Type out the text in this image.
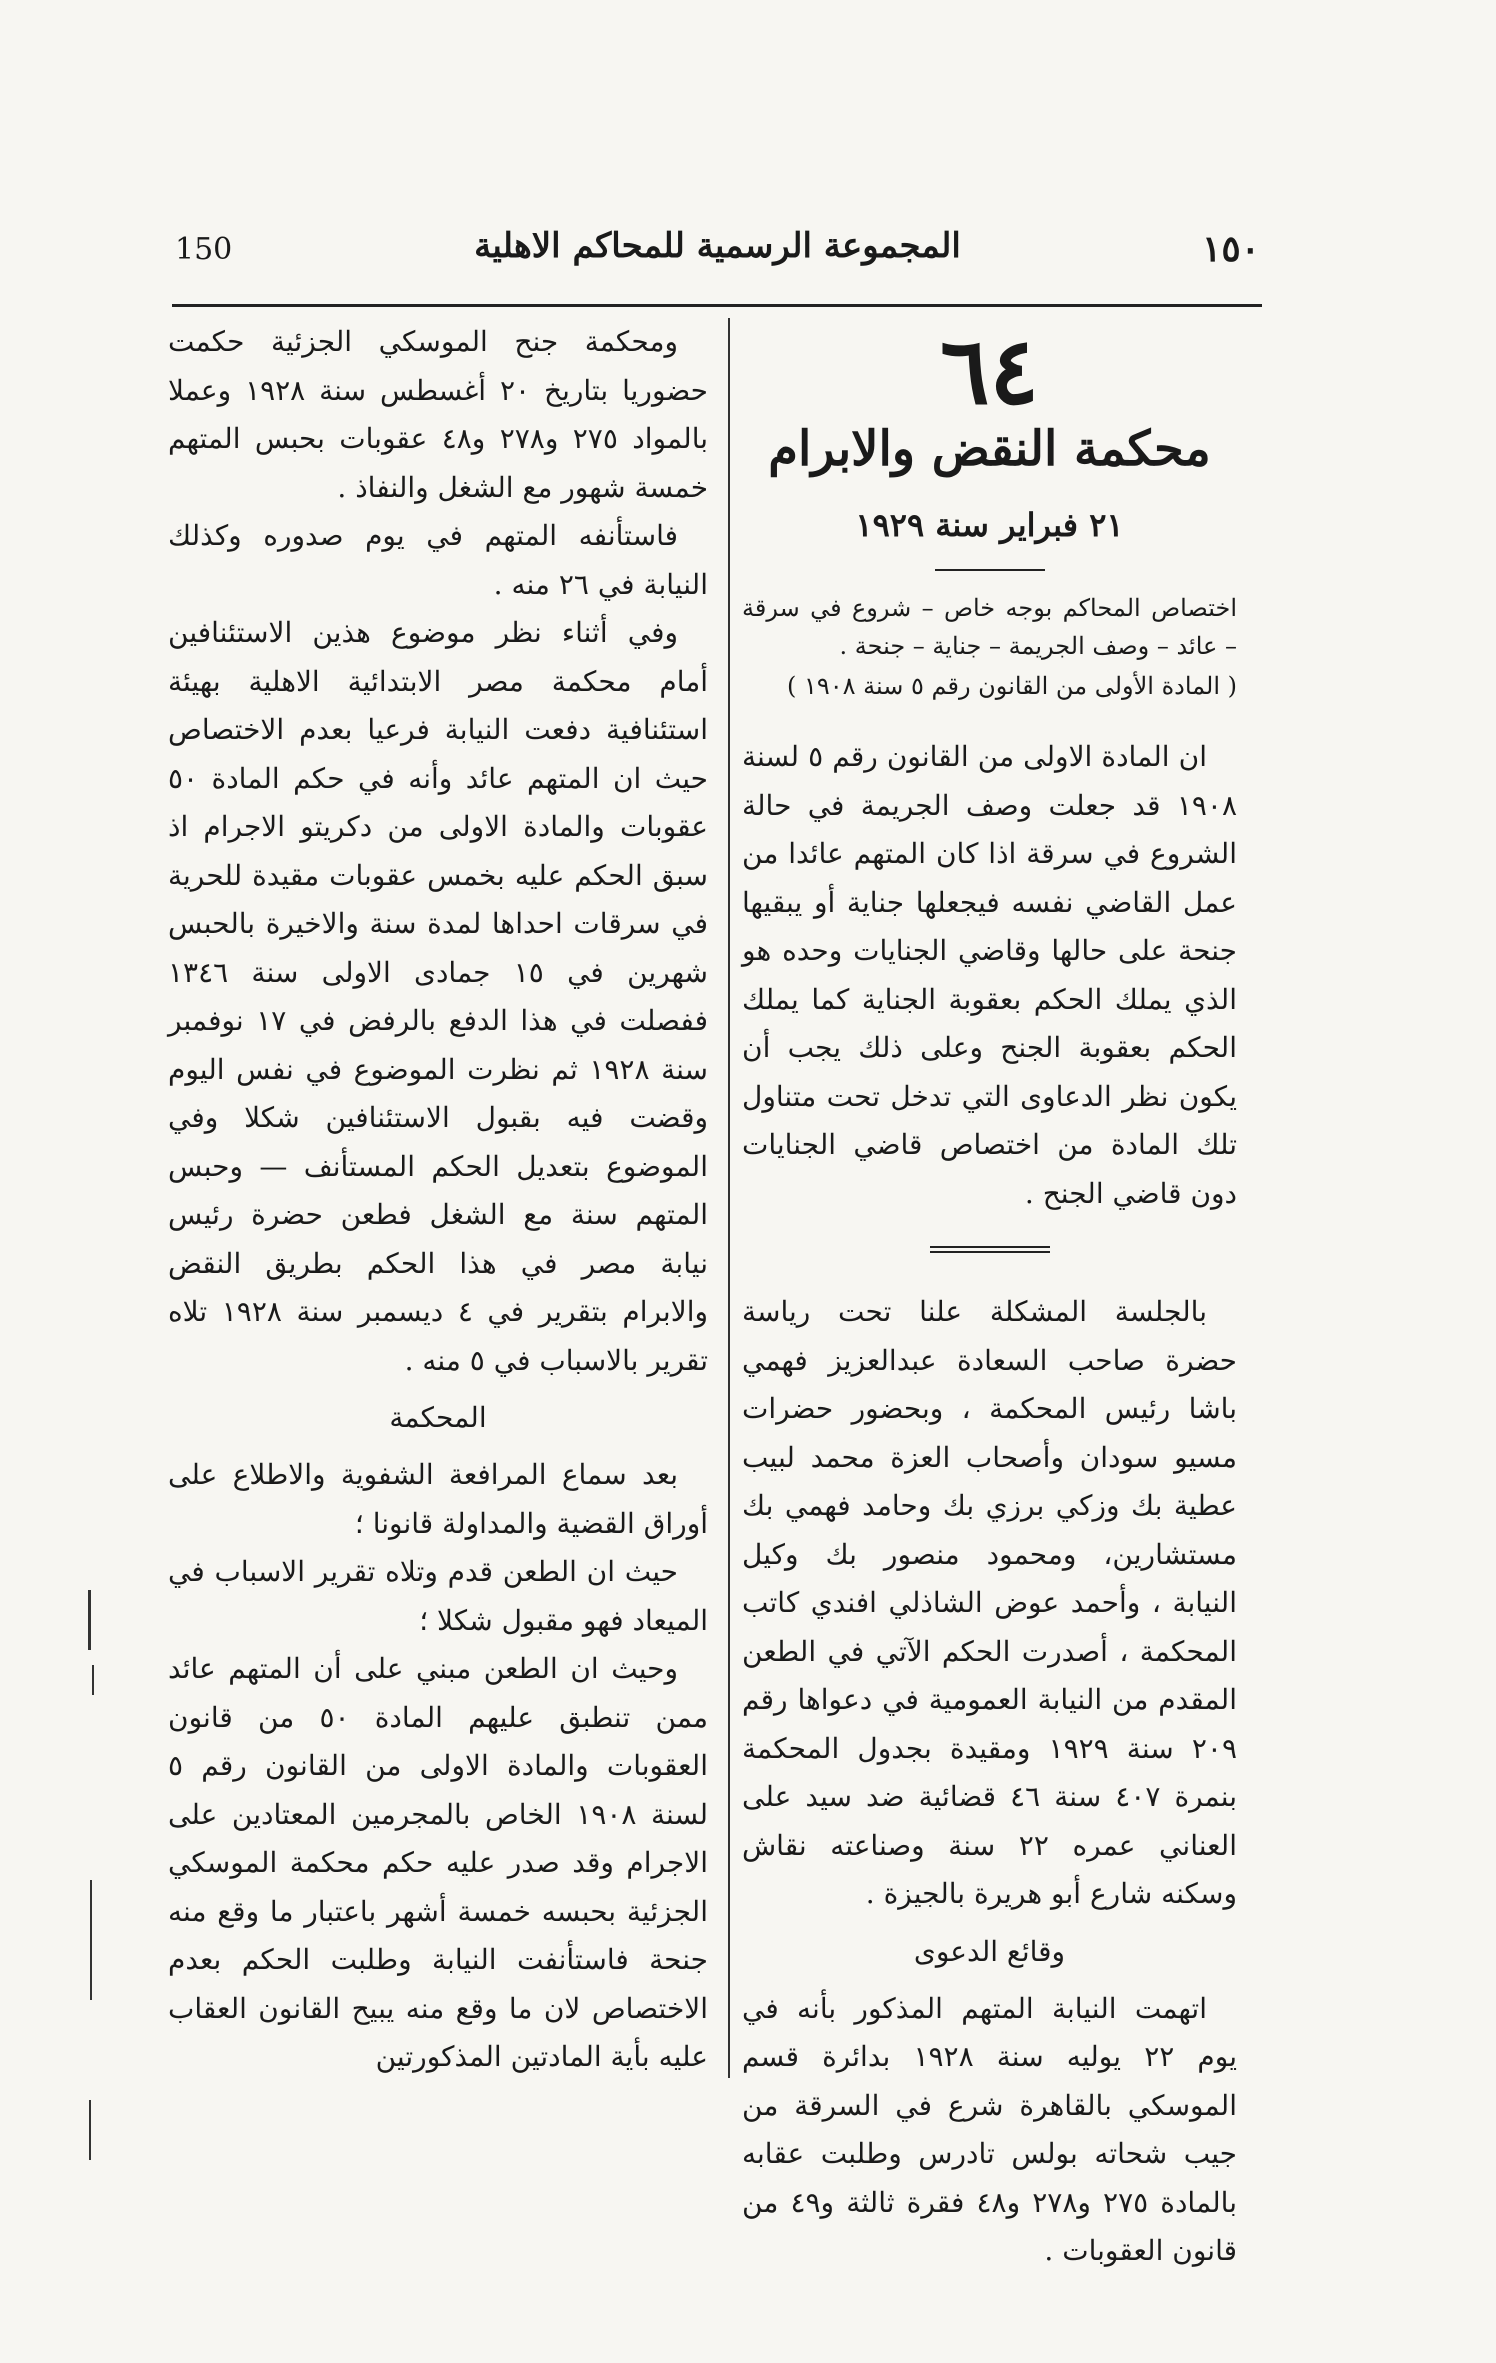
150	المجموعة الرسمية للمحاكم الاهلية	١٥٠
٦٤
محكمة النقض والابرام
٢١ فبراير سنة ١٩٢٩
اختصاص المحاكم بوجه خاص – شروع في سرقة – عائد – وصف الجريمة – جناية – جنحة .
( المادة الأولى من القانون رقم ٥ سنة ١٩٠٨ )

ان المادة الاولى من القانون رقم ٥ لسنة ١٩٠٨ قد جعلت وصف الجريمة في حالة الشروع في سرقة اذا كان المتهم عائدا من عمل القاضي نفسه فيجعلها جناية أو يبقيها جنحة على حالها وقاضي الجنايات وحده هو الذي يملك الحكم بعقوبة الجناية كما يملك الحكم بعقوبة الجنح وعلى ذلك يجب أن يكون نظر الدعاوى التي تدخل تحت متناول تلك المادة من اختصاص قاضي الجنايات دون قاضي الجنح .

بالجلسة المشكلة علنا تحت رياسة حضرة صاحب السعادة عبدالعزيز فهمي باشا رئيس المحكمة ، وبحضور حضرات مسيو سودان وأصحاب العزة محمد لبيب عطية بك وزكي برزي بك وحامد فهمي بك مستشارين، ومحمود منصور بك وكيل النيابة ، وأحمد عوض الشاذلي افندي كاتب المحكمة ، أصدرت الحكم الآتي في الطعن المقدم من النيابة العمومية في دعواها رقم ٢٠٩ سنة ١٩٢٩ ومقيدة بجدول المحكمة بنمرة ٤٠٧ سنة ٤٦ قضائية ضد سيد على العناني عمره ٢٢ سنة وصناعته نقاش وسكنه شارع أبو هريرة بالجيزة .

وقائع الدعوى

اتهمت النيابة المتهم المذكور بأنه في يوم ٢٢ يوليه سنة ١٩٢٨ بدائرة قسم الموسكي بالقاهرة شرع في السرقة من جيب شحاته بولس تادرس وطلبت عقابه بالمادة ٢٧٥ و٢٧٨ و٤٨ فقرة ثالثة و٤٩ من قانون العقوبات .

ومحكمة جنح الموسكي الجزئية حكمت حضوريا بتاريخ ٢٠ أغسطس سنة ١٩٢٨ وعملا بالمواد ٢٧٥ و٢٧٨ و٤٨ عقوبات بحبس المتهم خمسة شهور مع الشغل والنفاذ .

فاستأنفه المتهم في يوم صدوره وكذلك النيابة في ٢٦ منه .

وفي أثناء نظر موضوع هذين الاستئنافين أمام محكمة مصر الابتدائية الاهلية بهيئة استئنافية دفعت النيابة فرعيا بعدم الاختصاص حيث ان المتهم عائد وأنه في حكم المادة ٥٠ عقوبات والمادة الاولى من دكريتو الاجرام اذ سبق الحكم عليه بخمس عقوبات مقيدة للحرية في سرقات احداها لمدة سنة والاخيرة بالحبس شهرين في ١٥ جمادى الاولى سنة ١٣٤٦ ففصلت في هذا الدفع بالرفض في ١٧ نوفمبر سنة ١٩٢٨ ثم نظرت الموضوع في نفس اليوم وقضت فيه بقبول الاستئنافين شكلا وفي الموضوع بتعديل الحكم المستأنف — وحبس المتهم سنة مع الشغل فطعن حضرة رئيس نيابة مصر في هذا الحكم بطريق النقض والابرام بتقرير في ٤ ديسمبر سنة ١٩٢٨ تلاه تقرير بالاسباب في ٥ منه .

المحكمة

بعد سماع المرافعة الشفوية والاطلاع على أوراق القضية والمداولة قانونا ؛

حيث ان الطعن قدم وتلاه تقرير الاسباب في الميعاد فهو مقبول شكلا ؛

وحيث ان الطعن مبني على أن المتهم عائد ممن تنطبق عليهم المادة ٥٠ من قانون العقوبات والمادة الاولى من القانون رقم ٥ لسنة ١٩٠٨ الخاص بالمجرمين المعتادين على الاجرام وقد صدر عليه حكم محكمة الموسكي الجزئية بحبسه خمسة أشهر باعتبار ما وقع منه جنحة فاستأنفت النيابة وطلبت الحكم بعدم الاختصاص لان ما وقع منه يبيح القانون العقاب عليه بأية المادتين المذكورتين
